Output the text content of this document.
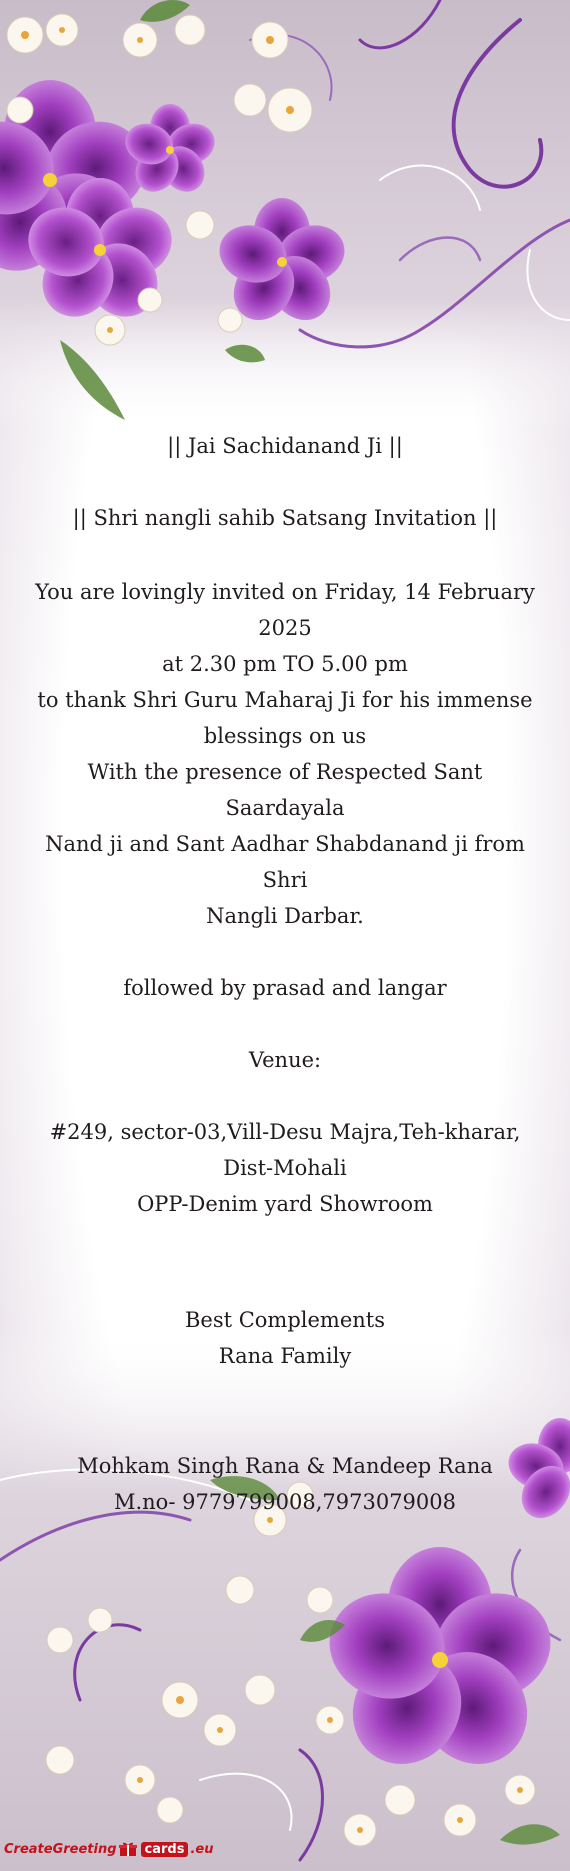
|| Jai Sachidanand Ji ||

|| Shri nangli sahib Satsang Invitation ||

You are lovingly invited on Friday, 14 February 2025

at 2.30 pm TO 5.00 pm

to thank Shri Guru Maharaj Ji for his immense

blessings on us

With the presence of Respected Sant Saardayala

Nand ji and Sant Aadhar Shabdanand ji from Shri

Nangli Darbar.

followed by prasad and langar

Venue:

#249, sector-03,Vill-Desu Majra,Teh-kharar,

Dist-Mohali

OPP-Denim yard Showroom

Best Complements

Rana Family

Mohkam Singh Rana & Mandeep Rana

M.no- 9779799008,7973079008

CreateGreeting	cards .eu
